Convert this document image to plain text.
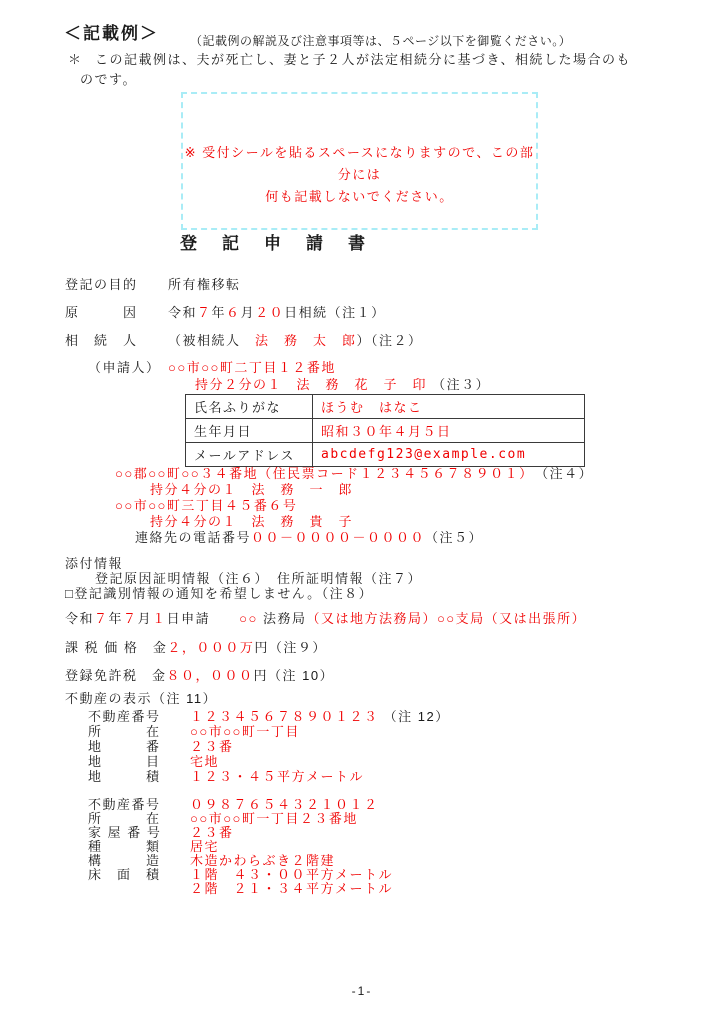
＜記載例＞	（記載例の解説及び注意事項等は、５ページ以下を御覧ください。）
＊ この記載例は、夫が死亡し、妻と子２人が法定相続分に基づき、相続した場合のも
のです。
※ 受付シールを貼るスペースになりますので、この部分には
何も記載しないでください。
登　記　申　請　書
登記の目的 所有権移転
原　　　因 令和７年６月２０日相続（注１）
相　続　人 （被相続人　法　務　太　郎）（注２）
（申請人） ○○市○○町二丁目１２番地
持分２分の１　法　務　花　子　印 （注３）
氏名ふりがな	ほうむ　はなこ
生年月日	昭和３０年４月５日
メールアドレス	abcdefg123@example.com
○○郡○○町○○３４番地（住民票コード１２３４５６７８９０１）　（注４）
持分４分の１　法　務　一　郎
○○市○○町三丁目４５番６号
持分４分の１　法　務　貴　子
連絡先の電話番号００－００００－００００（注５）
添付情報
登記原因証明情報（注６）　住所証明情報（注７）
□登記識別情報の通知を希望しません。（注８）
令和７年７月１日申請　　○○ 法務局（又は地方法務局）○○支局（又は出張所）
課 税 価 格　金２，０００万円（注９）
登録免許税　金８０，０００円（注 10）
不動産の表示（注 11）
不動産番号 １２３４５６７８９０１２３ （注 12）
所　　　在 ○○市○○町一丁目
地　　　番 ２３番
地　　　目 宅地
地　　　積 １２３・４５平方メートル
不動産番号 ０９８７６５４３２１０１２
所　　　在 ○○市○○町一丁目２３番地
家 屋 番 号 ２３番
種　　　類 居宅
構　　　造 木造かわらぶき２階建
床　面　積 １階　４３・００平方メートル
２階　２１・３４平方メートル
-1-
